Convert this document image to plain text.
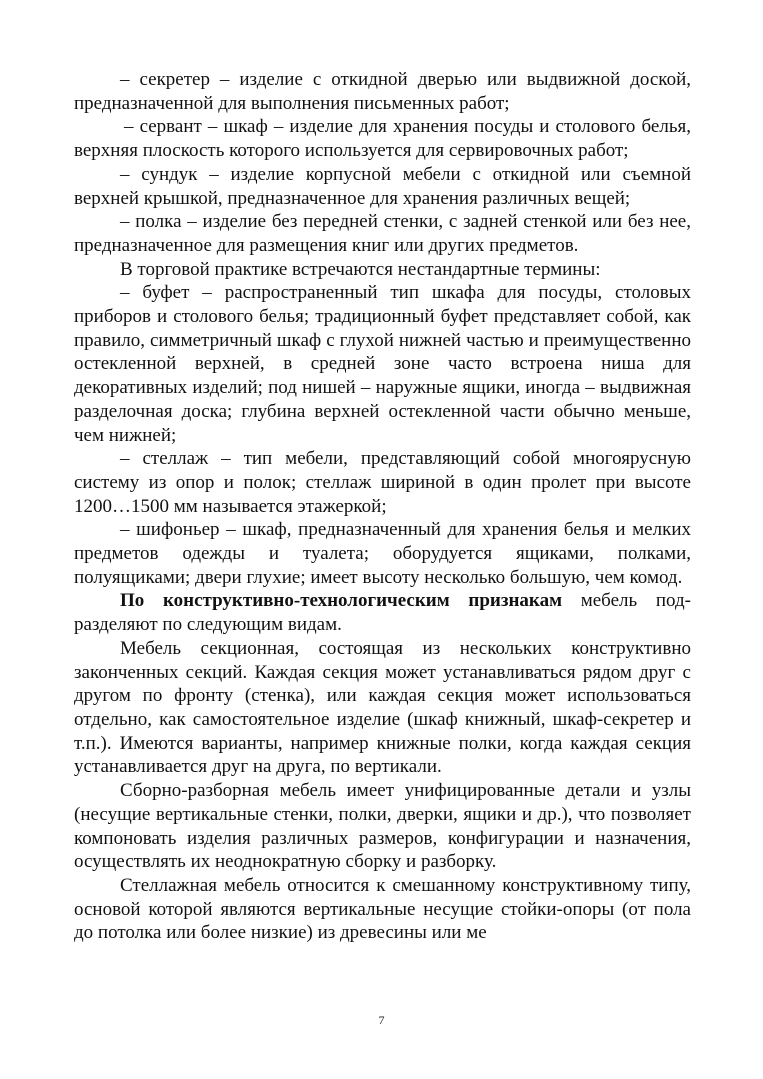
– секретер – изделие с откидной дверью или выдвижной доской, предназначенной для выполнения письменных работ;

– сервант – шкаф – изделие для хранения посуды и столового белья, верхняя плоскость которого используется для сервировочных работ;

– сундук – изделие корпусной мебели с откидной или съемной верхней крышкой, предназначенное для хранения различных вещей;

– полка – изделие без передней стенки, с задней стенкой или без нее, предназначенное для размещения книг или других предметов.

В торговой практике встречаются нестандартные термины:

– буфет – распространенный тип шкафа для посуды, столовых приборов и столового белья; традиционный буфет представляет собой, как правило, симметричный шкаф с глухой нижней частью и преимущественно остекленной верхней, в средней зоне часто встроена ниша для декоративных изделий; под нишей – наружные ящики, иногда – выдвижная разделочная доска; глубина верхней остекленной части обычно меньше, чем нижней;

– стеллаж – тип мебели, представляющий собой многоярусную систему из опор и полок; стеллаж шириной в один пролет при высоте 1200…1500 мм называется этажеркой;

– шифоньер – шкаф, предназначенный для хранения белья и мелких предметов одежды и туалета; оборудуется ящиками, полками, полуящиками; двери глухие; имеет высоту несколько большую, чем комод.

По конструктивно-технологическим признакам мебель подразделяют по следующим видам.

Мебель секционная, состоящая из нескольких конструктивно законченных секций. Каждая секция может устанавливаться рядом друг с другом по фронту (стенка), или каждая секция может использоваться отдельно, как самостоятельное изделие (шкаф книжный, шкаф-секретер и т.п.). Имеются варианты, например книжные полки, когда каждая секция устанавливается друг на друга, по вертикали.

Сборно-разборная мебель имеет унифицированные детали и узлы (несущие вертикальные стенки, полки, дверки, ящики и др.), что позволяет компоновать изделия различных размеров, конфигурации и назначения, осуществлять их неоднократную сборку и разборку.

Стеллажная мебель относится к смешанному конструктивному типу, основой которой являются вертикальные несущие стойки-опоры (от пола до потолка или более низкие) из древесины или ме

7
